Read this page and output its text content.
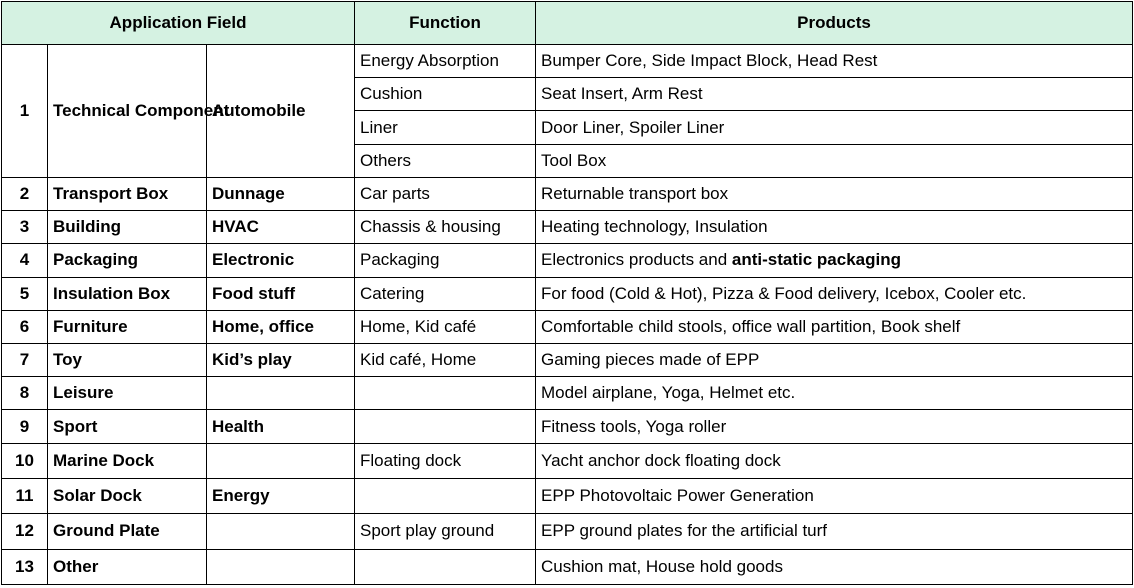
Application Field			Function	Products
1	Technical Component	Automobile	Energy Absorption	Bumper Core, Side Impact Block, Head Rest
			Cushion	Seat Insert, Arm Rest
			Liner	Door Liner, Spoiler Liner
			Others	Tool Box
2	Transport Box	Dunnage	Car parts	Returnable transport box
3	Building	HVAC	Chassis & housing	Heating technology, Insulation
4	Packaging	Electronic	Packaging	Electronics products and anti-static packaging
5	Insulation Box	Food stuff	Catering	For food (Cold & Hot), Pizza & Food delivery, Icebox, Cooler etc.
6	Furniture	Home, office	Home, Kid café	Comfortable child stools, office wall partition, Book shelf
7	Toy	Kid’s play	Kid café, Home	Gaming pieces made of EPP
8	Leisure			Model airplane, Yoga, Helmet etc.
9	Sport	Health		Fitness tools, Yoga roller
10	Marine Dock		Floating dock	Yacht anchor dock floating dock
11	Solar Dock	Energy		EPP Photovoltaic Power Generation
12	Ground Plate		Sport play ground	EPP ground plates for the artificial turf
13	Other			Cushion mat, House hold goods
